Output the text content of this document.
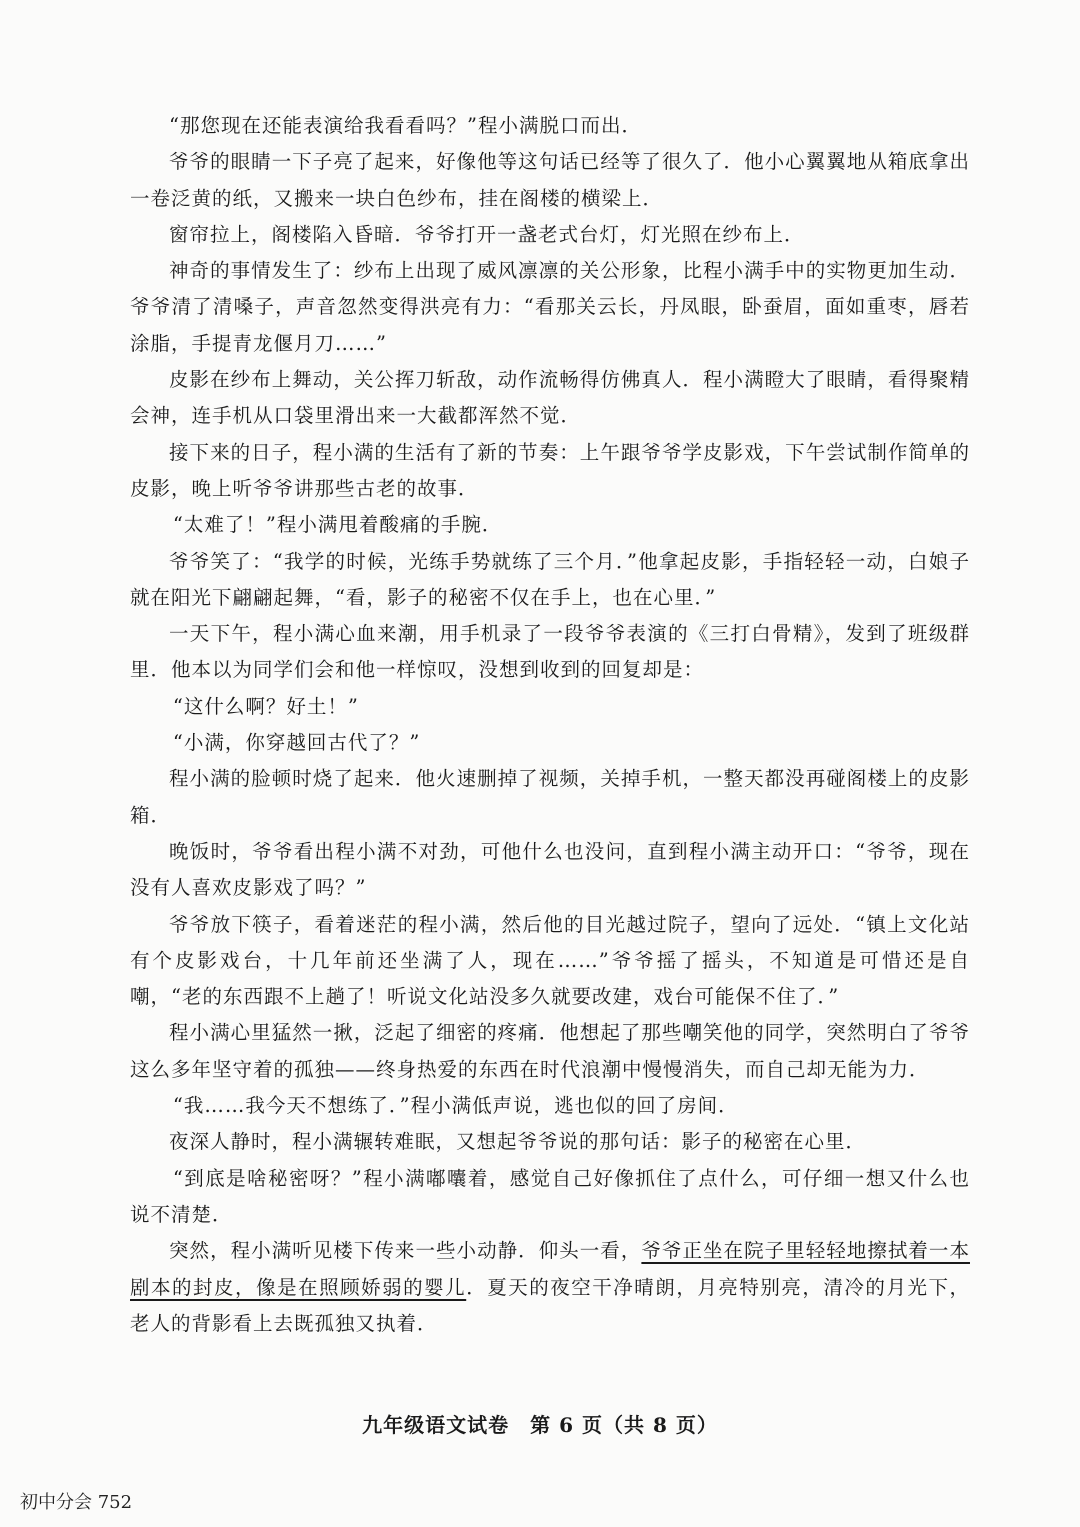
“那您现在还能表演给我看看吗？”程小满脱口而出．

爷爷的眼睛一下子亮了起来，好像他等这句话已经等了很久了．他小心翼翼地从箱底拿出一卷泛黄的纸，又搬来一块白色纱布，挂在阁楼的横梁上．

窗帘拉上，阁楼陷入昏暗．爷爷打开一盏老式台灯，灯光照在纱布上．

神奇的事情发生了：纱布上出现了威风凛凛的关公形象，比程小满手中的实物更加生动．爷爷清了清嗓子，声音忽然变得洪亮有力：“看那关云长，丹凤眼，卧蚕眉，面如重枣，唇若涂脂，手提青龙偃月刀……”

皮影在纱布上舞动，关公挥刀斩敌，动作流畅得仿佛真人．程小满瞪大了眼睛，看得聚精会神，连手机从口袋里滑出来一大截都浑然不觉．

接下来的日子，程小满的生活有了新的节奏：上午跟爷爷学皮影戏，下午尝试制作简单的皮影，晚上听爷爷讲那些古老的故事．

“太难了！”程小满甩着酸痛的手腕．

爷爷笑了：“我学的时候，光练手势就练了三个月．”他拿起皮影，手指轻轻一动，白娘子就在阳光下翩翩起舞，“看，影子的秘密不仅在手上，也在心里．”

一天下午，程小满心血来潮，用手机录了一段爷爷表演的《三打白骨精》，发到了班级群里．他本以为同学们会和他一样惊叹，没想到收到的回复却是：

“这什么啊？好土！”

“小满，你穿越回古代了？”

程小满的脸顿时烧了起来．他火速删掉了视频，关掉手机，一整天都没再碰阁楼上的皮影箱．

晚饭时，爷爷看出程小满不对劲，可他什么也没问，直到程小满主动开口：“爷爷，现在没有人喜欢皮影戏了吗？”

爷爷放下筷子，看着迷茫的程小满，然后他的目光越过院子，望向了远处．“镇上文化站有个皮影戏台，十几年前还坐满了人，现在……”爷爷摇了摇头，不知道是可惜还是自嘲，“老的东西跟不上趟了！听说文化站没多久就要改建，戏台可能保不住了．”

程小满心里猛然一揪，泛起了细密的疼痛．他想起了那些嘲笑他的同学，突然明白了爷爷这么多年坚守着的孤独——终身热爱的东西在时代浪潮中慢慢消失，而自己却无能为力．

“我……我今天不想练了．”程小满低声说，逃也似的回了房间．

夜深人静时，程小满辗转难眠，又想起爷爷说的那句话：影子的秘密在心里．

“到底是啥秘密呀？”程小满嘟囔着，感觉自己好像抓住了点什么，可仔细一想又什么也说不清楚．

突然，程小满听见楼下传来一些小动静．仰头一看，爷爷正坐在院子里轻轻地擦拭着一本剧本的封皮，像是在照顾娇弱的婴儿．夏天的夜空干净晴朗，月亮特别亮，清冷的月光下，老人的背影看上去既孤独又执着．

九年级语文试卷　第 6 页（共 8 页）
初中分会 752
